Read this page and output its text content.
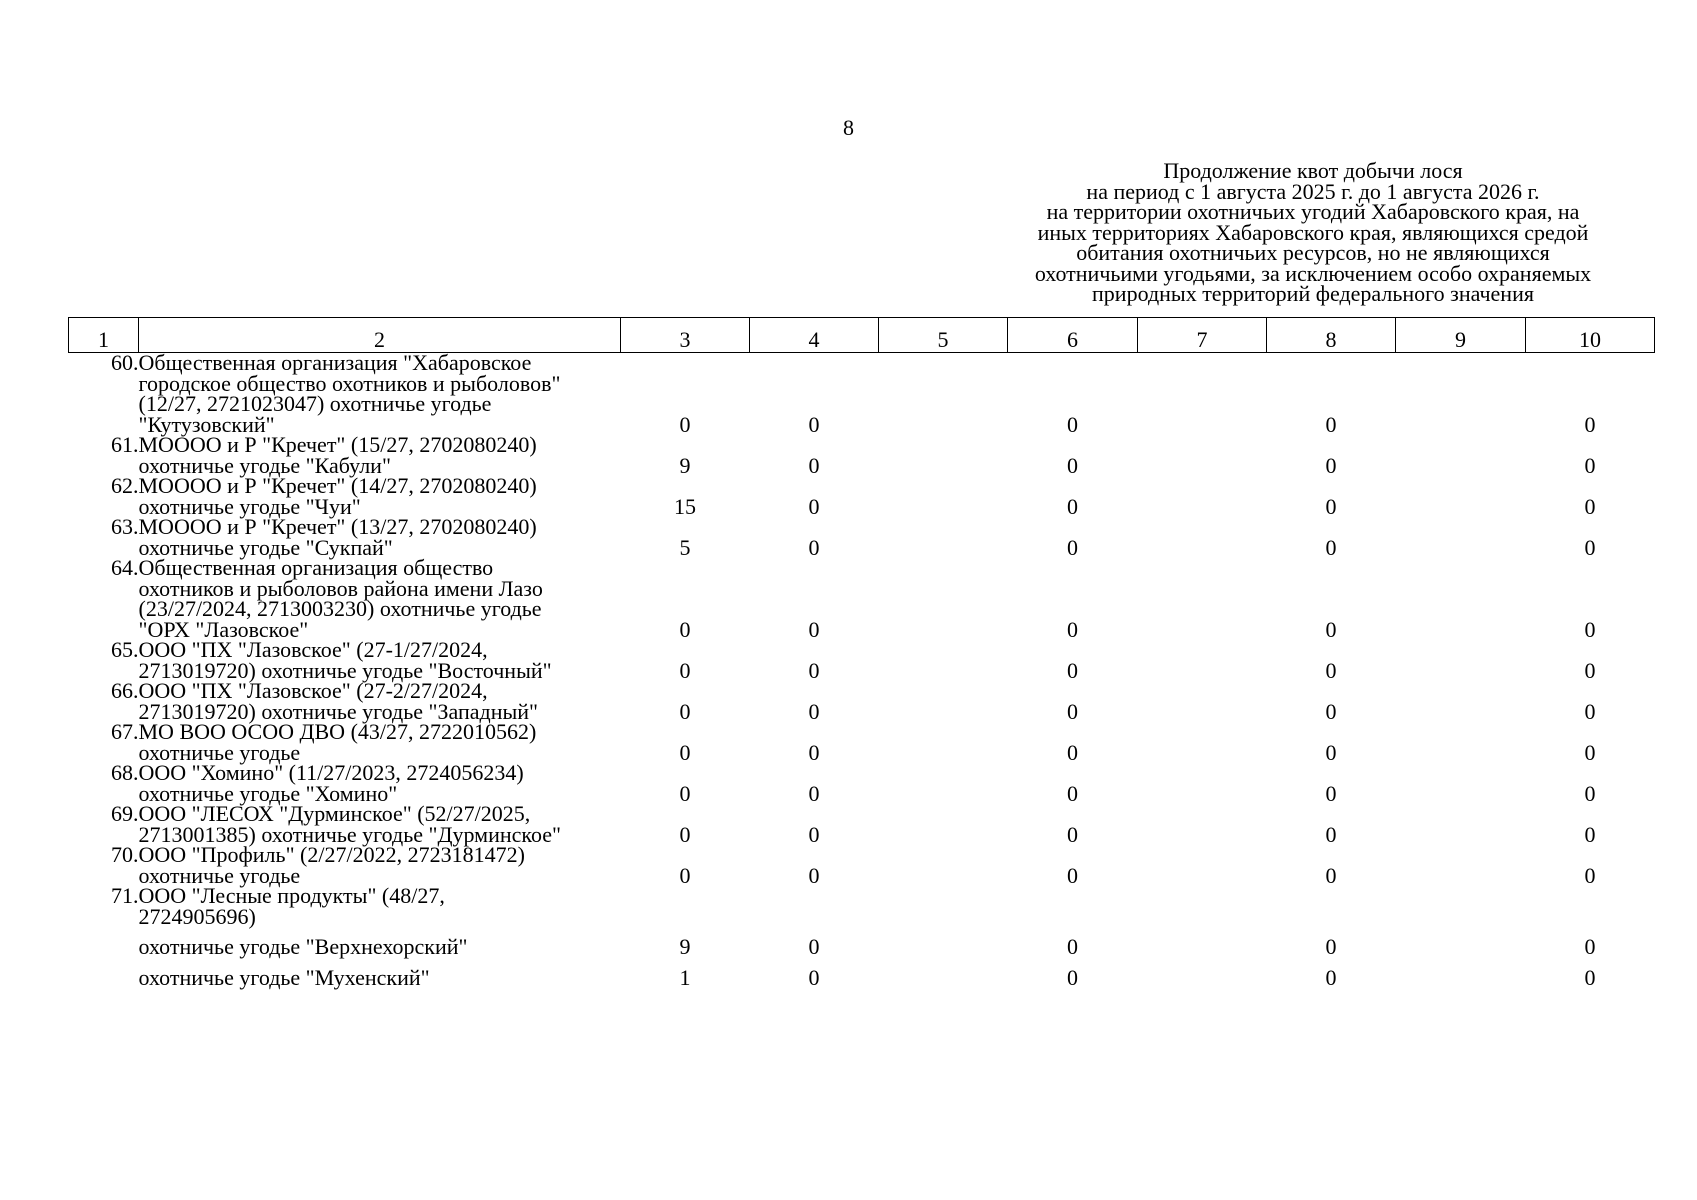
8
Продолжение квот добычи лося
на период с 1 августа 2025 г. до 1 августа 2026 г.
на территории охотничьих угодий Хабаровского края, на
иных территориях Хабаровского края, являющихся средой
обитания охотничьих ресурсов, но не являющихся
охотничьими угодьями, за исключением особо охраняемых
природных территорий федерального значения
1	2	3	4	5	6	7	8	9	10
60.	Общественная организация "Хабаровское
городское общество охотников и рыболовов"
(12/27, 2721023047) охотничье угодье
"Кутузовский"	0	0		0		0		0
61.	МОООО и Р "Кречет" (15/27, 2702080240)
охотничье угодье "Кабули"	9	0		0		0		0
62.	МОООО и Р "Кречет" (14/27, 2702080240)
охотничье угодье "Чуи"	15	0		0		0		0
63.	МОООО и Р "Кречет" (13/27, 2702080240)
охотничье угодье "Сукпай"	5	0		0		0		0
64.	Общественная организация общество
охотников и рыболовов района имени Лазо
(23/27/2024, 2713003230) охотничье угодье
"ОРХ "Лазовское"	0	0		0		0		0
65.	ООО "ПХ "Лазовское" (27-1/27/2024,
2713019720) охотничье угодье "Восточный"	0	0		0		0		0
66.	ООО "ПХ "Лазовское" (27-2/27/2024,
2713019720) охотничье угодье "Западный"	0	0		0		0		0
67.	МО ВОО ОСОО ДВО (43/27, 2722010562)
охотничье угодье	0	0		0		0		0
68.	ООО "Хомино" (11/27/2023, 2724056234)
охотничье угодье "Хомино"	0	0		0		0		0
69.	ООО "ЛЕСОХ "Дурминское" (52/27/2025,
2713001385) охотничье угодье "Дурминское"	0	0		0		0		0
70.	ООО "Профиль" (2/27/2022, 2723181472)
охотничье угодье	0	0		0		0		0
71.	ООО "Лесные продукты" (48/27,
2724905696)								

	охотничье угодье "Верхнехорский"	9	0		0		0		0

	охотничье угодье "Мухенский"	1	0		0		0		0
